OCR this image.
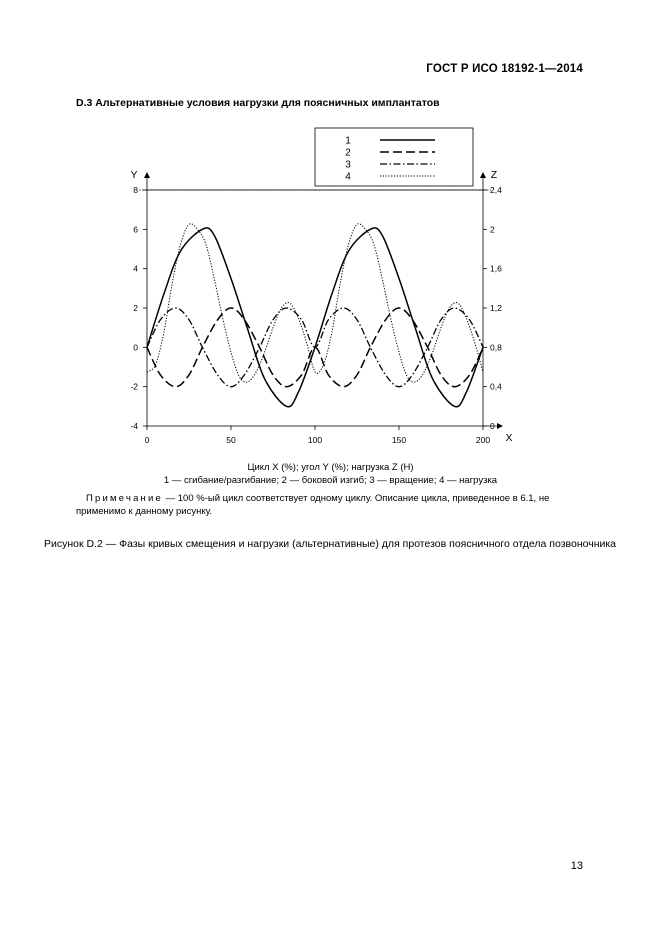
ГОСТ Р ИСО 18192-1—2014
D.3 Альтернативные условия нагрузки для поясничных имплантатов
Y	Z
X
-4
-2
0
2
4
6
8
0
0,4
0,8
1,2
1,6
2
2,4
0	50	100	150	200
1
2
3
4
Цикл X (%); угол Y (%); нагрузка Z (Н)
1 — сгибание/разгибание; 2 — боковой изгиб; 3 — вращение; 4 — нагрузка
Примечание — 100 %-ый цикл соответствует одному циклу. Описание цикла, приведенное в 6.1, не применимо к данному рисунку.
Рисунок D.2 — Фазы кривых смещения и нагрузки (альтернативные) для протезов поясничного отдела позвоночника
13
